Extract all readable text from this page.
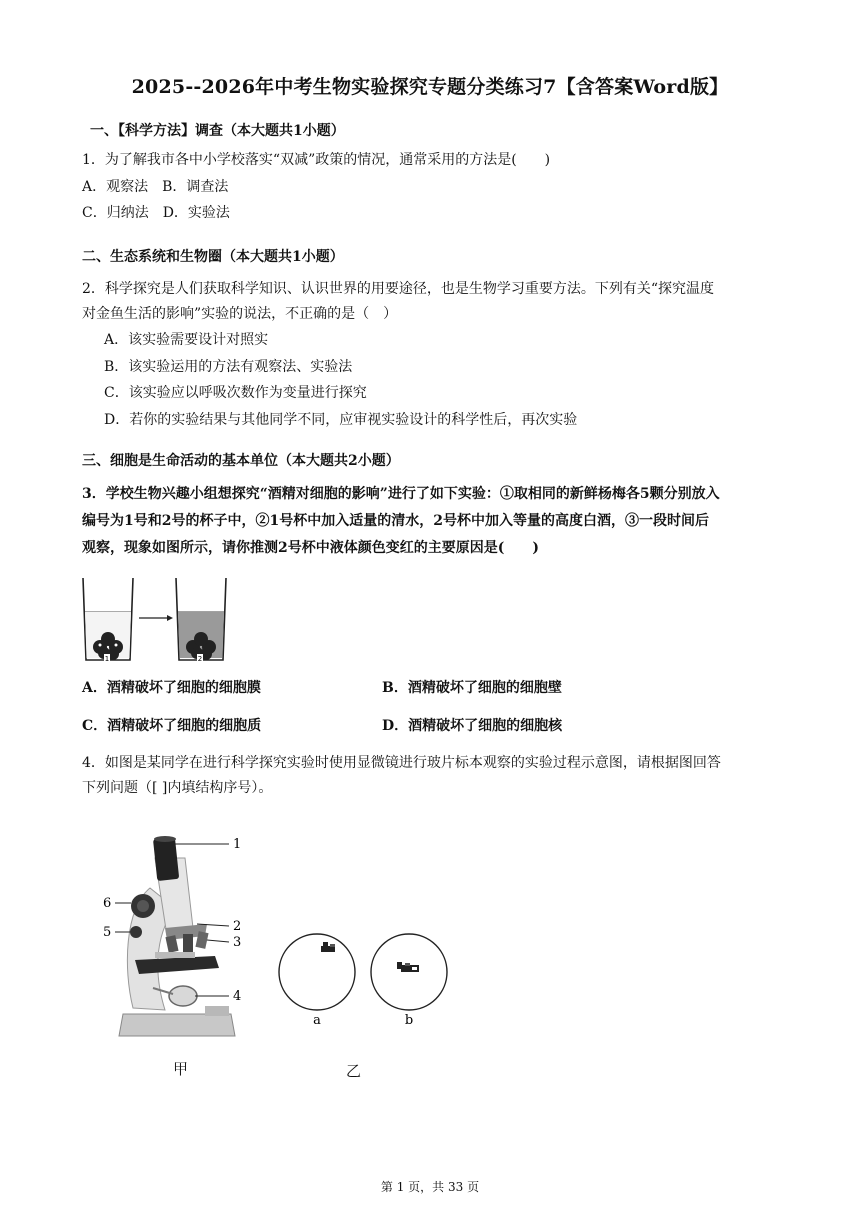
2025--2026年中考生物实验探究专题分类练习7【含答案Word版】
一、【科学方法】调查（本大题共1小题）
1．为了解我市各中小学校落实“双减”政策的情况，通常采用的方法是(　　)
A．观察法　B．调查法
C．归纳法　D．实验法
二、生态系统和生物圈（本大题共1小题）
2．科学探究是人们获取科学知识、认识世界的用要途径，也是生物学习重要方法。下列有关“探究温度
对金鱼生活的影响”实验的说法，不正确的是（　）
A．该实验需要设计对照实
B．该实验运用的方法有观察法、实验法
C．该实验应以呼吸次数作为变量进行探究
D．若你的实验结果与其他同学不同，应审视实验设计的科学性后，再次实验
三、细胞是生命活动的基本单位（本大题共2小题）
3．学校生物兴趣小组想探究“酒精对细胞的影响”进行了如下实验：①取相同的新鲜杨梅各5颗分别放入
编号为1号和2号的杯子中，②1号杯中加入适量的清水，2号杯中加入等量的高度白酒，③一段时间后
观察，现象如图所示，请你推测2号杯中液体颜色变红的主要原因是(　　)
1	2
A．酒精破坏了细胞的细胞膜	B．酒精破坏了细胞的细胞壁
C．酒精破坏了细胞的细胞质	D．酒精破坏了细胞的细胞核
4．如图是某同学在进行科学探究实验时使用显微镜进行玻片标本观察的实验过程示意图，请根据图回答
下列问题（[ ]内填结构序号）。
1
2
3
4
5
6
a	b
甲	乙
第 1 页，共 33 页
